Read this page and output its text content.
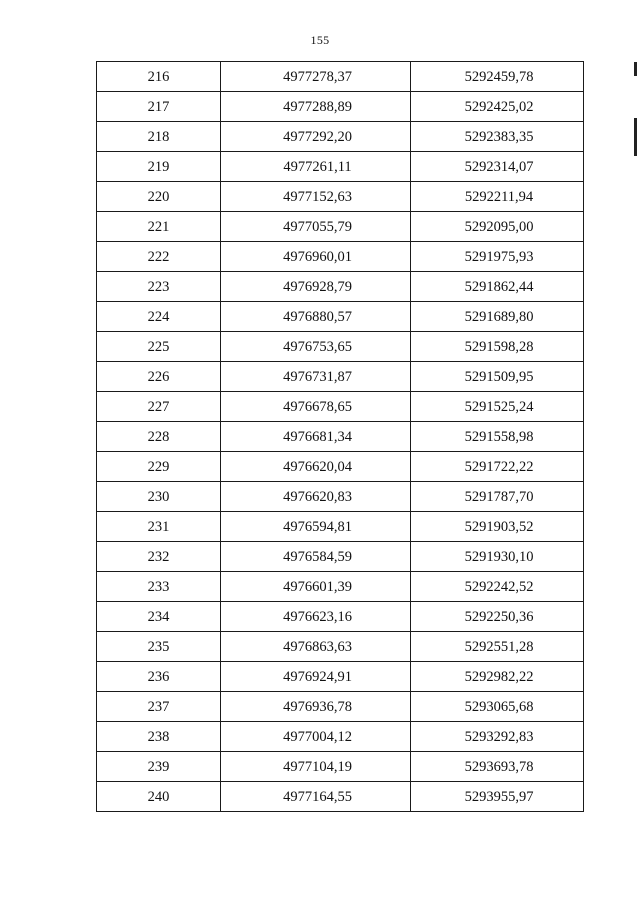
155
216	4977278,37	5292459,78
217	4977288,89	5292425,02
218	4977292,20	5292383,35
219	4977261,11	5292314,07
220	4977152,63	5292211,94
221	4977055,79	5292095,00
222	4976960,01	5291975,93
223	4976928,79	5291862,44
224	4976880,57	5291689,80
225	4976753,65	5291598,28
226	4976731,87	5291509,95
227	4976678,65	5291525,24
228	4976681,34	5291558,98
229	4976620,04	5291722,22
230	4976620,83	5291787,70
231	4976594,81	5291903,52
232	4976584,59	5291930,10
233	4976601,39	5292242,52
234	4976623,16	5292250,36
235	4976863,63	5292551,28
236	4976924,91	5292982,22
237	4976936,78	5293065,68
238	4977004,12	5293292,83
239	4977104,19	5293693,78
240	4977164,55	5293955,97
